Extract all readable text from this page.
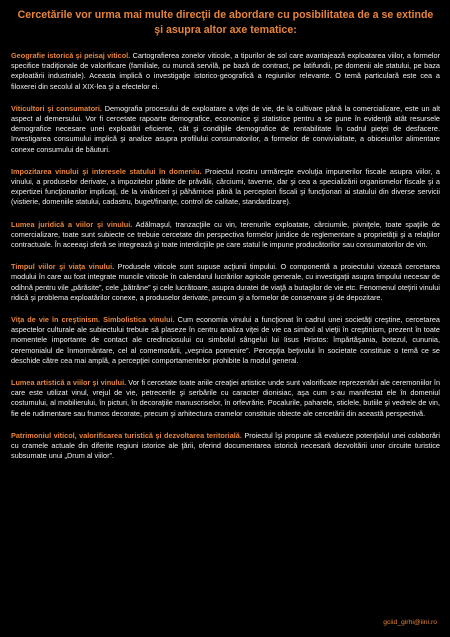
Cercetările vor urma mai multe direcţii de abordare cu posibilitatea de a se extinde şi asupra altor axe tematice:

Geografie istorică şi peisaj viticol. Cartografierea zonelor viticole, a tipurilor de sol care avantajează exploatarea viilor, a formelor specifice tradiţionale de valorificare (familiale, cu muncă servilă, pe bază de contract, pe latifundii, pe domenii ale statului, pe baza exploatării industriale). Aceasta implică o investigaţie istorico-geografică a regiunilor relevante. O temă particulară este cea a filoxerei din secolul al XIX-lea şi a efectelor ei.

Viticultori şi consumatori. Demografia procesului de exploatare a viţei de vie, de la cultivare până la comercializare, este un alt aspect al demersului. Vor fi cercetate rapoarte demografice, economice şi statistice pentru a se pune în evidenţă atât resursele demografice necesare unei exploatări eficiente, cât şi condiţiile demografice de rentabilitate în cadrul pieţei de desfacere. Investigarea consumului implică şi analize asupra profilului consumatorilor, a formelor de convivialitate, a obiceiurilor alimentare conexe consumului de băuturi.

Impozitarea vinului şi interesele statului în domeniu. Proiectul nostru urmăreşte evoluţia impunerilor fiscale asupra viilor, a vinului, a produselor derivate, a impozitelor plătite de prăvălii, cârciumi, taverne, dar şi cea a specializării organismelor fiscale şi a expertizei funcţionarilor implicaţi, de la vinăriceri şi pâhărnicei până la perceptori fiscali şi funcţionari ai statului din diverse servicii (vistierie, domeniile statului, cadastru, buget/finanţe, control de calitate, standardizare).

Lumea juridică a viilor şi vinului. Adălmaşul, tranzacţiile cu vin, terenurile exploatate, cârciumile, pivniţele, toate spaţiile de comercializare, toate sunt subiecte ce trebuie cercetate din perspectiva formelor juridice de reglementare a proprietăţii şi a relaţiilor contractuale. În aceeaşi sferă se integrează şi toate interdicţiile pe care statul le impune producătorilor sau consumatorilor de vin.

Timpul viilor şi viaţa vinului. Produsele viticole sunt supuse acţiunii timpului. O componentă a proiectului vizează cercetarea modului în care au fost integrate muncile viticole în calendarul lucrărilor agricole generale, cu investigaţii asupra timpului necesar de odihnă pentru vile „părăsite”, cele „bătrâne” şi cele lucrătoare, asupra duratei de viaţă a butaşilor de vie etc. Fenomenul oteţirii vinului ridică şi problema exploatărilor conexe, a produselor derivate, precum şi a formelor de conservare şi de depozitare.

Viţa de vie în creştinism. Simbolistica vinului. Cum economia vinului a funcţionat în cadrul unei societăţi creştine, cercetarea aspectelor culturale ale subiectului trebuie să plaseze în centru analiza viţei de vie ca simbol al vieţii în creştinism, prezent în toate momentele importante de contact ale credinciosului cu simbolul sângelui lui Iisus Hristos: împărtăşania, botezul, cununia, ceremonialul de înmormântare, cel al comemorării, „veşnica pomenire”. Percepţia beţivului în societate constituie o temă ce se deschide către cea mai amplă, a percepţiei comportamentelor prohibite la modul general.

Lumea artistică a viilor şi vinului. Vor fi cercetate toate ariile creaţiei artistice unde sunt valorificate reprezentări ale ceremoniilor în care este utilizat vinul, vrejul de vie, petrecerile şi serbările cu caracter dionisiac, aşa cum s-au manifestat ele în domeniul costumului, al mobilierului, în picturi, în decoraţiile manuscriselor, în orfevrărie. Pocalurile, paharele, sticlele, butiile şi vedrele de vin, fie ele rudimentare sau frumos decorate, precum şi arhitectura cramelor constituie obiecte ale cercetării din această perspectivă.

Patrimoniul viticol, valorificarea turistică şi dezvoltarea teritorială. Proiectul îşi propune să evalueze potenţialul unei colaborări cu cramele actuale din diferite regiuni istorice ale ţării, oferind documentarea istorică necesară dezvoltării unor circuite turistice subsumate unui „Drum al viilor”.

gciid_girhi@iini.ro
